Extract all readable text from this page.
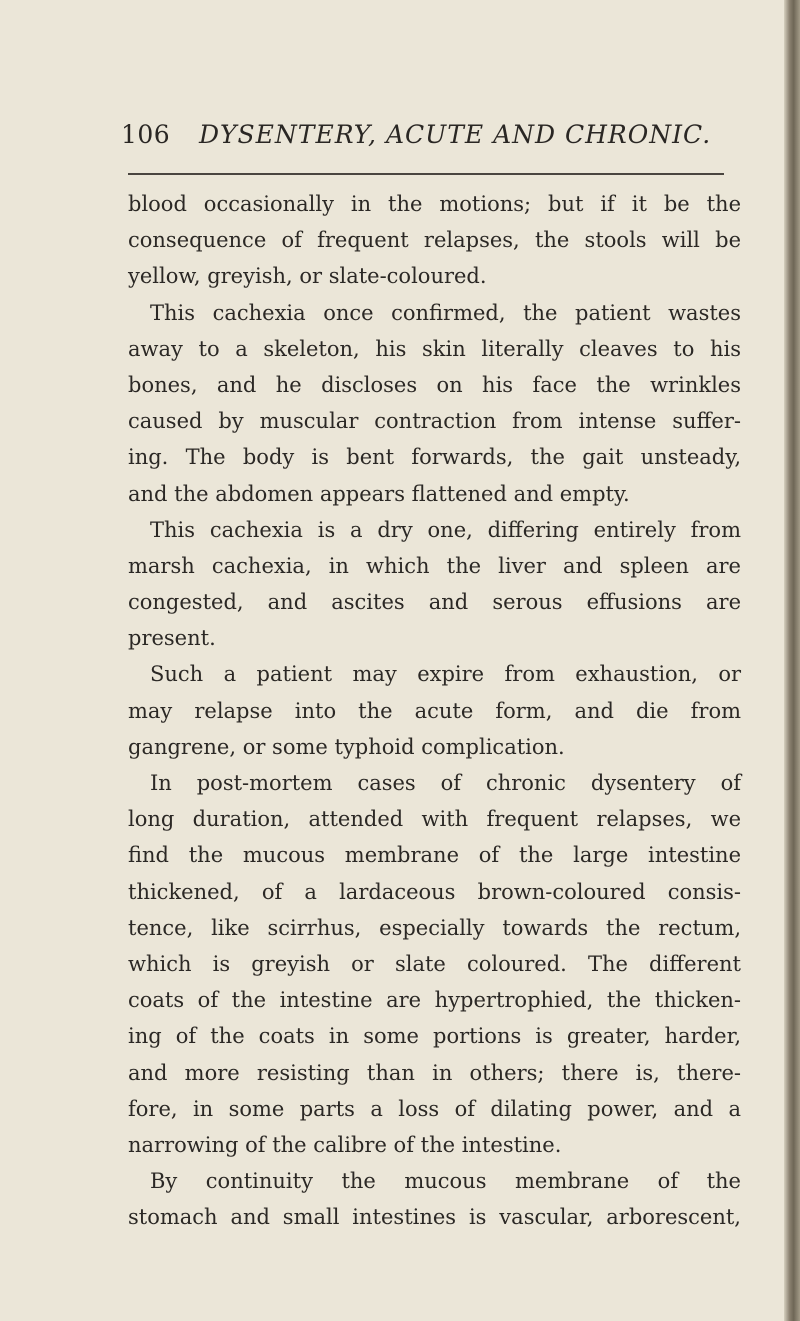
106 DYSENTERY, ACUTE AND CHRONIC.
blood occasionally in the motions; but if it be the
consequence of frequent relapses, the stools will be
yellow, greyish, or slate-coloured.
This cachexia once confirmed, the patient wastes
away to a skeleton, his skin literally cleaves to his
bones, and he discloses on his face the wrinkles
caused by muscular contraction from intense suffer-
ing. The body is bent forwards, the gait unsteady,
and the abdomen appears flattened and empty.
This cachexia is a dry one, differing entirely from
marsh cachexia, in which the liver and spleen are
congested, and ascites and serous effusions are
present.
Such a patient may expire from exhaustion, or
may relapse into the acute form, and die from
gangrene, or some typhoid complication.
In post-mortem cases of chronic dysentery of
long duration, attended with frequent relapses, we
find the mucous membrane of the large intestine
thickened, of a lardaceous brown-coloured consis-
tence, like scirrhus, especially towards the rectum,
which is greyish or slate coloured. The different
coats of the intestine are hypertrophied, the thicken-
ing of the coats in some portions is greater, harder,
and more resisting than in others; there is, there-
fore, in some parts a loss of dilating power, and a
narrowing of the calibre of the intestine.
By continuity the mucous membrane of the
stomach and small intestines is vascular, arborescent,
